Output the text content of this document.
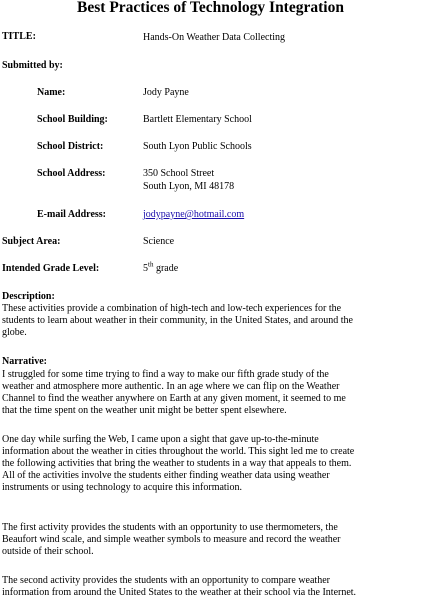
Best Practices of Technology Integration
TITLE:	Hands-On Weather Data Collecting
Submitted by:
Name:	Jody Payne
School Building:	Bartlett Elementary School
School District:	South Lyon Public Schools
School Address:	350 School Street
South Lyon, MI 48178
E-mail Address:	jodypayne@hotmail.com
Subject Area:	Science
Intended Grade Level:	5th grade
Description:

These activities provide a combination of high-tech and low-tech experiences for the

students to learn about weather in their community, in the United States, and around the

globe.

Narrative:

I struggled for some time trying to find a way to make our fifth grade study of the

weather and atmosphere more authentic. In an age where we can flip on the Weather

Channel to find the weather anywhere on Earth at any given moment, it seemed to me

that the time spent on the weather unit might be better spent elsewhere.

One day while surfing the Web, I came upon a sight that gave up-to-the-minute

information about the weather in cities throughout the world. This sight led me to create

the following activities that bring the weather to students in a way that appeals to them.

All of the activities involve the students either finding weather data using weather

instruments or using technology to acquire this information.

The first activity provides the students with an opportunity to use thermometers, the

Beaufort wind scale, and simple weather symbols to measure and record the weather

outside of their school.

The second activity provides the students with an opportunity to compare weather

information from around the United States to the weather at their school via the Internet.
